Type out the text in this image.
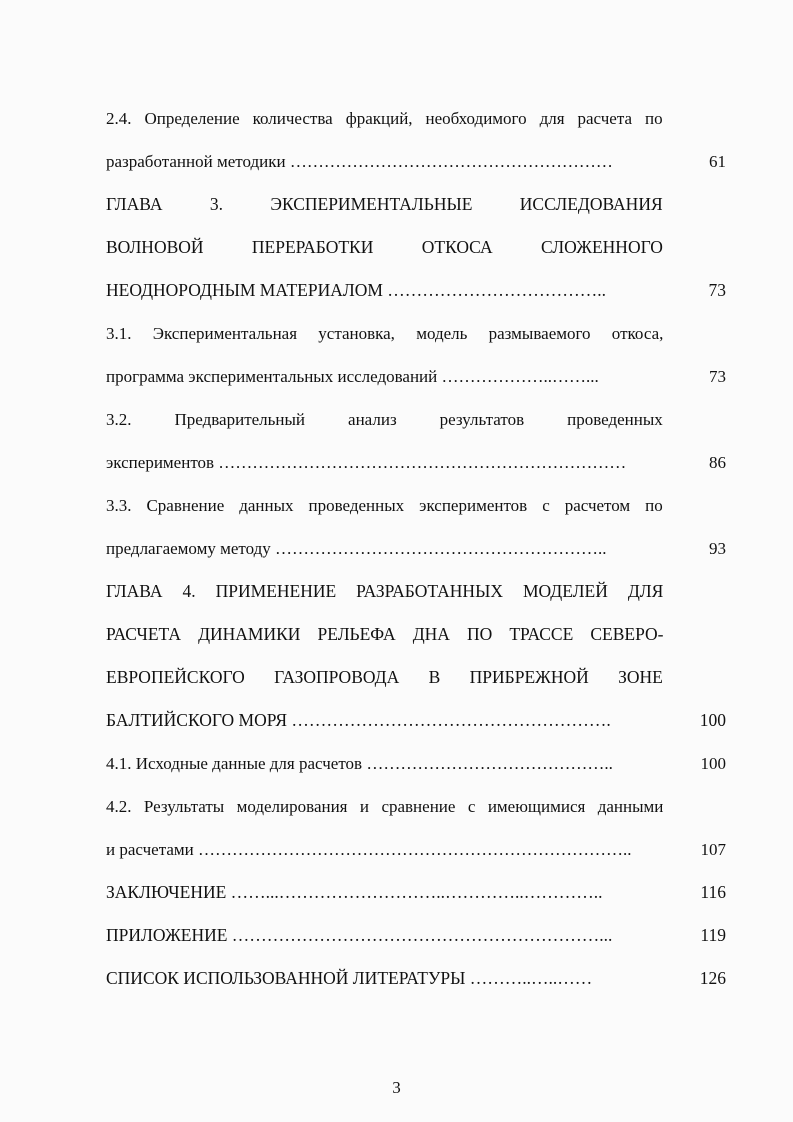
2.4. Определение количества фракций, необходимого для расчета по
разработанной методики …………………………………………………	61
ГЛАВА	3.	ЭКСПЕРИМЕНТАЛЬНЫЕ	ИССЛЕДОВАНИЯ
ВОЛНОВОЙ	ПЕРЕРАБОТКИ	ОТКОСА	СЛОЖЕННОГО
НЕОДНОРОДНЫМ МАТЕРИАЛОМ ………………………………..	73
3.1. Экспериментальная установка, модель размываемого откоса,
программа экспериментальных исследований ………………..……...	73
3.2.	Предварительный	анализ	результатов	проведенных
экспериментов ………………………………………………………………	86
3.3. Сравнение данных проведенных экспериментов с расчетом по
предлагаемому методу …………………………………………………..	93
ГЛАВА 4. ПРИМЕНЕНИЕ РАЗРАБОТАННЫХ МОДЕЛЕЙ ДЛЯ
РАСЧЕТА ДИНАМИКИ РЕЛЬЕФА ДНА ПО ТРАССЕ СЕВЕРО-
ЕВРОПЕЙСКОГО ГАЗОПРОВОДА В ПРИБРЕЖНОЙ ЗОНЕ
БАЛТИЙСКОГО МОРЯ ……………………………………………….	100
4.1. Исходные данные для расчетов ……………………………………..	100
4.2. Результаты моделирования и сравнение с имеющимися данными
и расчетами …………………………………………………………………..	107
ЗАКЛЮЧЕНИЕ ……...………………………..…………..…………..	116
ПРИЛОЖЕНИЕ ………………………………………………………...	119
СПИСОК ИСПОЛЬЗОВАННОЙ ЛИТЕРАТУРЫ ………..…..……	126
3
